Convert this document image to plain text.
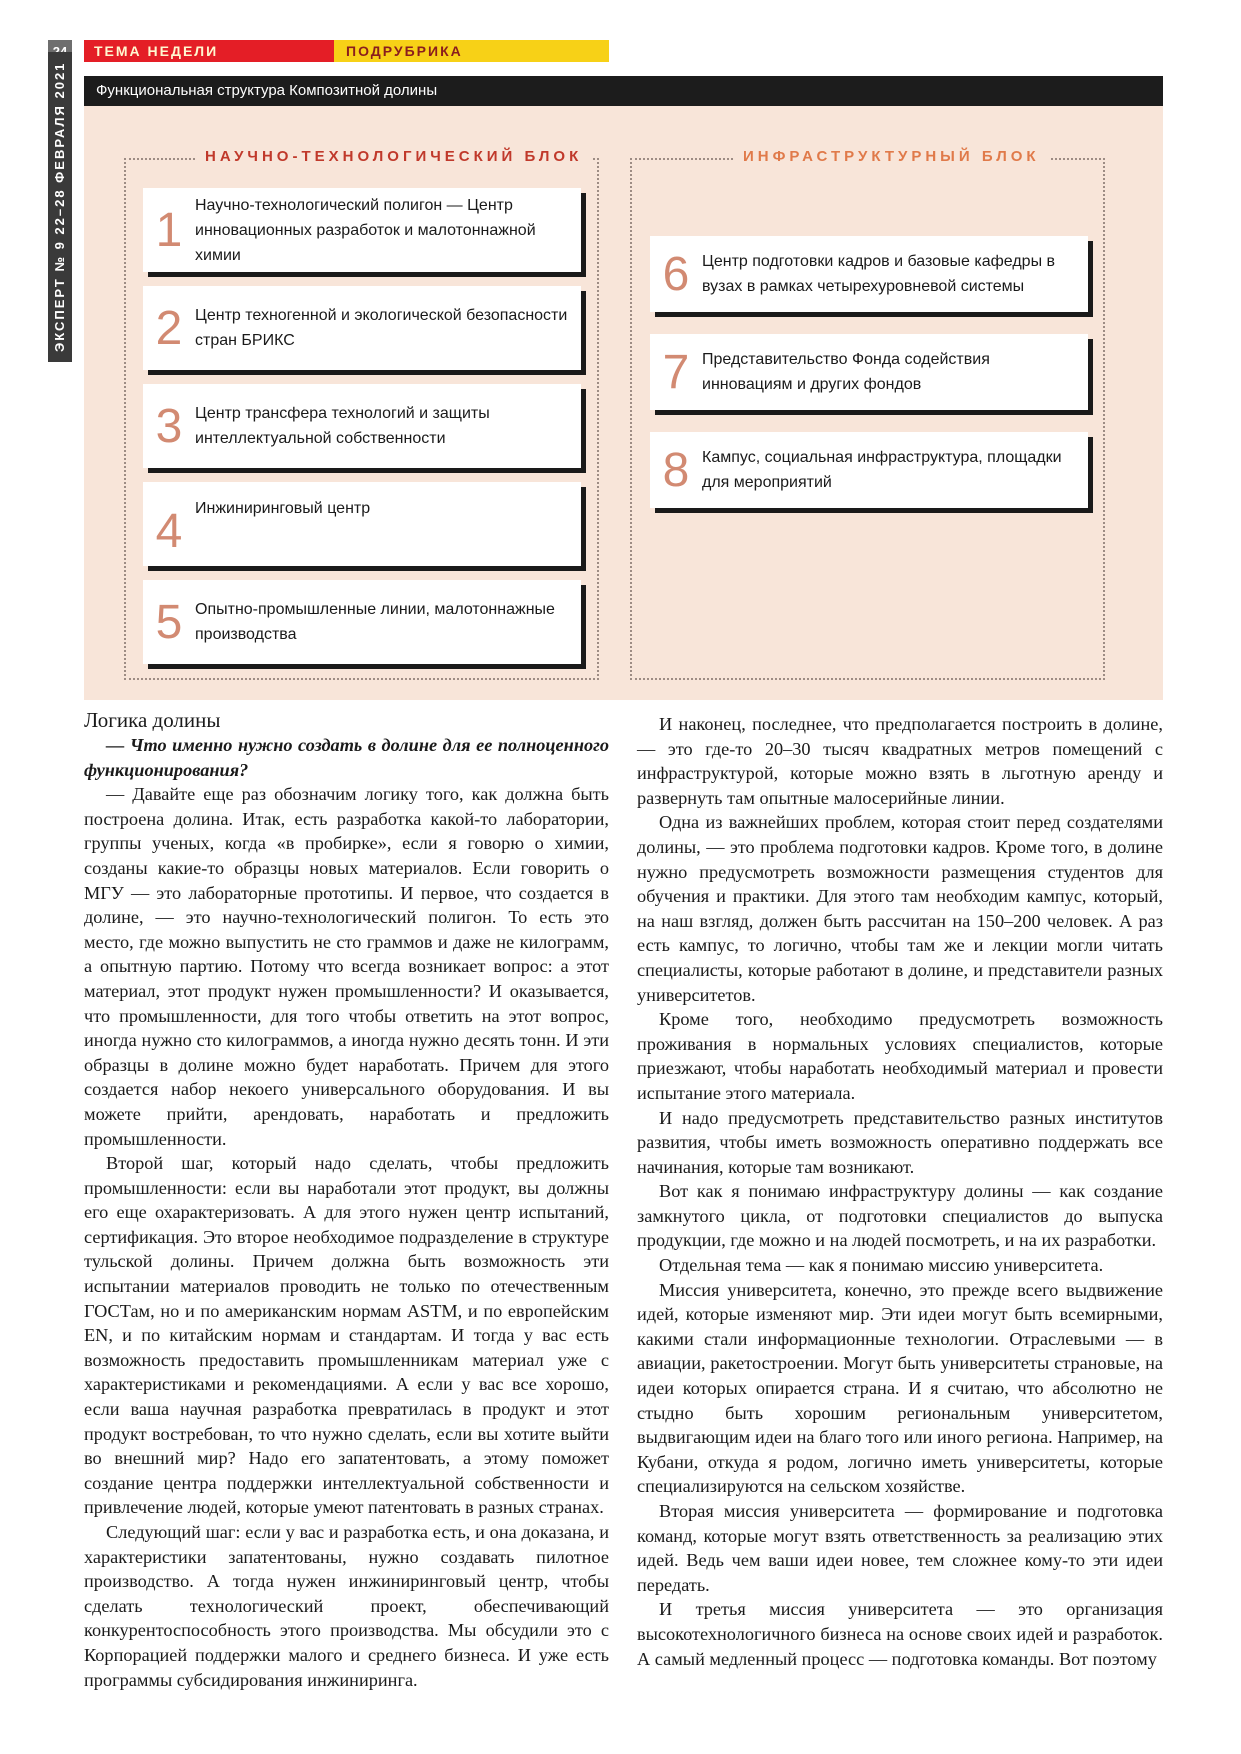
ТЕМА НЕДЕЛИ	ПОДРУБРИКА
ЭКСПЕРТ № 9 22–28 ФЕВРАЛЯ 2021	Функциональная структура Композитной долины
НАУЧНО-ТЕХНОЛОГИЧЕСКИЙ БЛОК
1 Научно-технологический полигон — Центр инновационных разработок и малотоннажной химии
2 Центр техногенной и экологической безопасности стран БРИКС
3 Центр трансфера технологий и защиты интеллектуальной собственности
4 Инжиниринговый центр
5 Опытно-промышленные линии, малотоннажные производства
ИНФРАСТРУКТУРНЫЙ БЛОК
6 Центр подготовки кадров и базовые кафедры в вузах в рамках четырехуровневой системы
7 Представительство Фонда содействия инновациям и других фондов
8 Кампус, социальная инфраструктура, площадки для мероприятий
Логика долины

— Что именно нужно создать в долине для ее полноценного функционирования?

— Давайте еще раз обозначим логику того, как должна быть построена долина. Итак, есть разработка какой-то лаборатории, группы ученых, когда «в пробирке», если я говорю о химии, созданы какие-то образцы новых материалов. Если говорить о МГУ — это лабораторные прототипы. И первое, что создается в долине, — это научно-технологический полигон. То есть это место, где можно выпустить не сто граммов и даже не килограмм, а опытную партию. Потому что всегда возникает вопрос: а этот материал, этот продукт нужен промышленности? И оказывается, что промышленности, для того чтобы ответить на этот вопрос, иногда нужно сто килограммов, а иногда нужно десять тонн. И эти образцы в долине можно будет наработать. Причем для этого создается набор некоего универсального оборудования. И вы можете прийти, арендовать, наработать и предложить промышленности.

Второй шаг, который надо сделать, чтобы предложить промышленности: если вы наработали этот продукт, вы должны его еще охарактеризовать. А для этого нужен центр испытаний, сертификация. Это второе необходимое подразделение в структуре тульской долины. Причем должна быть возможность эти испытании материалов проводить не только по отечественным ГОСТам, но и по американским нормам ASTM, и по европейским EN, и по китайским нормам и стандартам. И тогда у вас есть возможность предоставить промышленникам материал уже с характеристиками и рекомендациями. А если у вас все хорошо, если ваша научная разработка превратилась в продукт и этот продукт востребован, то что нужно сделать, если вы хотите выйти во внешний мир? Надо его запатентовать, а этому поможет создание центра поддержки интеллектуальной собственности и привлечение людей, которые умеют патентовать в разных странах.

Следующий шаг: если у вас и разработка есть, и она доказана, и характеристики запатентованы, нужно создавать пилотное производство. А тогда нужен инжиниринговый центр, чтобы сделать технологический проект, обеспечивающий конкурентоспособность этого производства. Мы обсудили это с Корпорацией поддержки малого и среднего бизнеса. И уже есть программы субсидирования инжиниринга.

И наконец, последнее, что предполагается построить в долине, — это где-то 20–30 тысяч квадратных метров помещений с инфраструктурой, которые можно взять в льготную аренду и развернуть там опытные малосерийные линии.

Одна из важнейших проблем, которая стоит перед создателями долины, — это проблема подготовки кадров. Кроме того, в долине нужно предусмотреть возможности размещения студентов для обучения и практики. Для этого там необходим кампус, который, на наш взгляд, должен быть рассчитан на 150–200 человек. А раз есть кампус, то логично, чтобы там же и лекции могли читать специалисты, которые работают в долине, и представители разных университетов.

Кроме того, необходимо предусмотреть возможность проживания в нормальных условиях специалистов, которые приезжают, чтобы наработать необходимый материал и провести испытание этого материала.

И надо предусмотреть представительство разных институтов развития, чтобы иметь возможность оперативно поддержать все начинания, которые там возникают.

Вот как я понимаю инфраструктуру долины — как создание замкнутого цикла, от подготовки специалистов до выпуска продукции, где можно и на людей посмотреть, и на их разработки.

Отдельная тема — как я понимаю миссию университета.

Миссия университета, конечно, это прежде всего выдвижение идей, которые изменяют мир. Эти идеи могут быть всемирными, какими стали информационные технологии. Отраслевыми — в авиации, ракетостроении. Могут быть университеты страновые, на идеи которых опирается страна. И я считаю, что абсолютно не стыдно быть хорошим региональным университетом, выдвигающим идеи на благо того или иного региона. Например, на Кубани, откуда я родом, логично иметь университеты, которые специализируются на сельском хозяйстве.

Вторая миссия университета — формирование и подготовка команд, которые могут взять ответственность за реализацию этих идей. Ведь чем ваши идеи новее, тем сложнее кому-то эти идеи передать.

И третья миссия университета — это организация высокотехнологичного бизнеса на основе своих идей и разработок. А самый медленный процесс — подготовка команды. Вот поэтому
